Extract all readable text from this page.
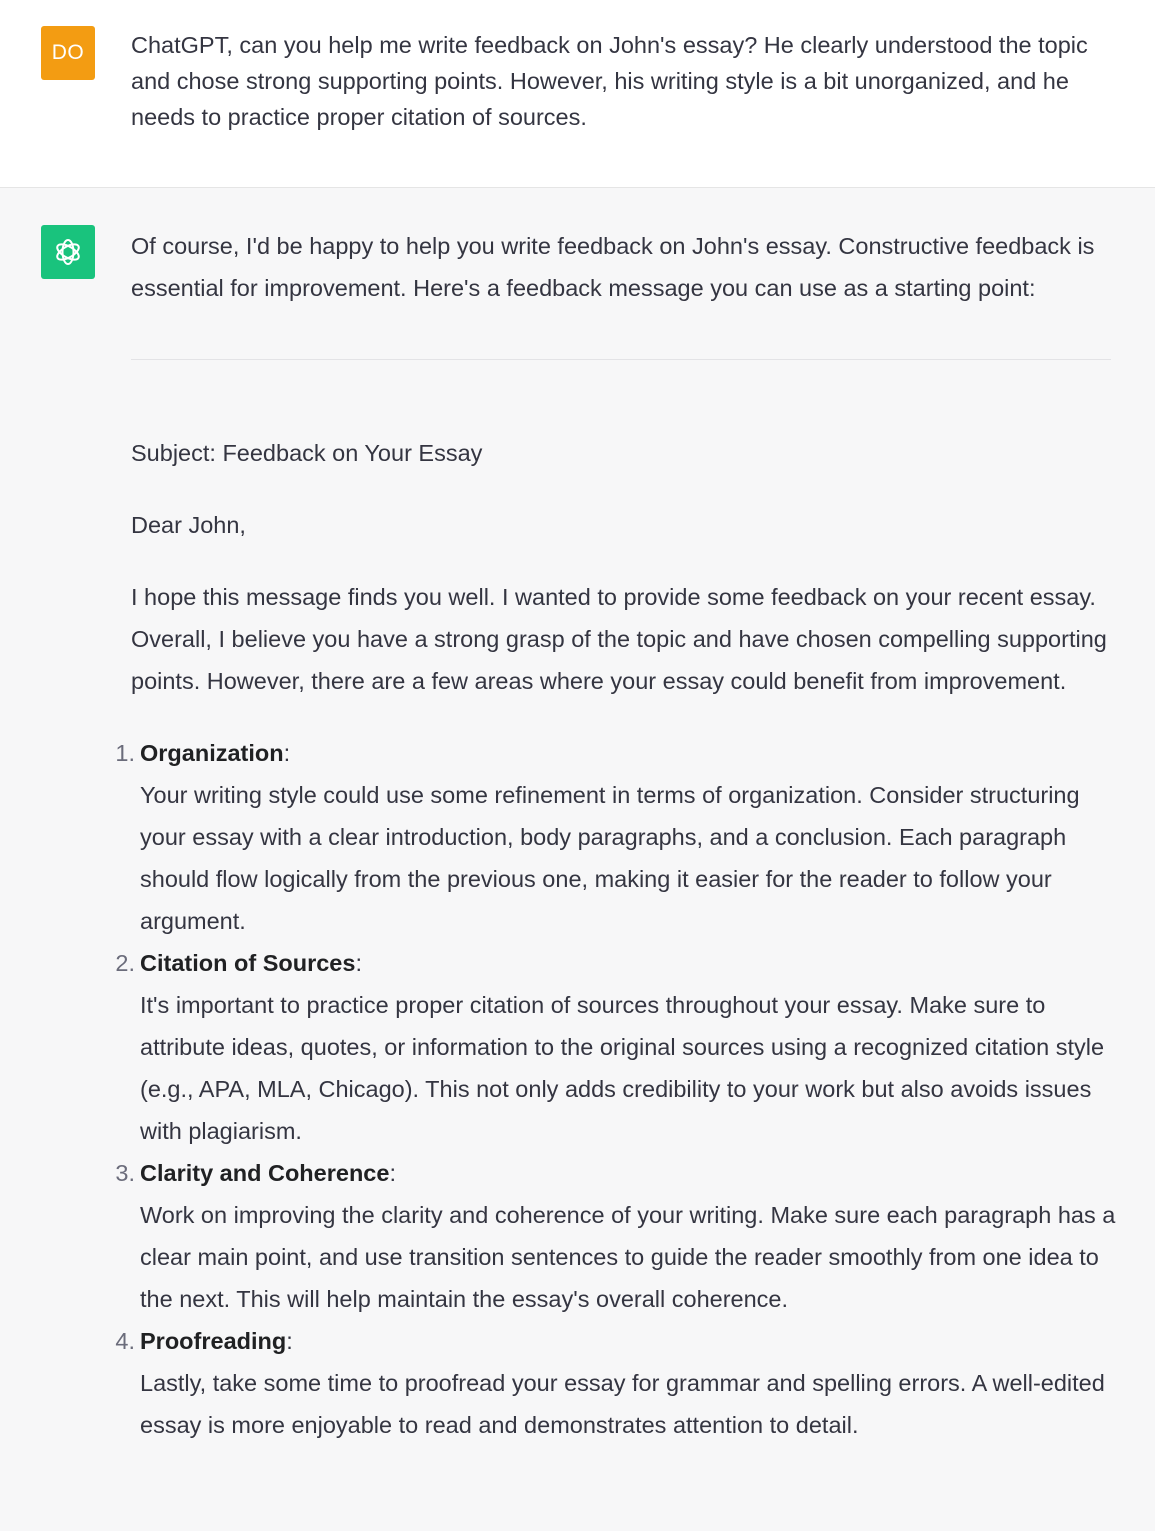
DO	ChatGPT, can you help me write feedback on John's essay? He clearly understood the topic and chose strong supporting points. However, his writing style is a bit unorganized, and he needs to practice proper citation of sources.

Of course, I'd be happy to help you write feedback on John's essay. Constructive feedback is essential for improvement. Here's a feedback message you can use as a starting point:

Subject: Feedback on Your Essay

Dear John,

I hope this message finds you well. I wanted to provide some feedback on your recent essay. Overall, I believe you have a strong grasp of the topic and have chosen compelling supporting points. However, there are a few areas where your essay could benefit from improvement.

1. Organization:
Your writing style could use some refinement in terms of organization. Consider structuring your essay with a clear introduction, body paragraphs, and a conclusion. Each paragraph should flow logically from the previous one, making it easier for the reader to follow your argument.
2. Citation of Sources:
It's important to practice proper citation of sources throughout your essay. Make sure to attribute ideas, quotes, or information to the original sources using a recognized citation style (e.g., APA, MLA, Chicago). This not only adds credibility to your work but also avoids issues with plagiarism.
3. Clarity and Coherence:
Work on improving the clarity and coherence of your writing. Make sure each paragraph has a clear main point, and use transition sentences to guide the reader smoothly from one idea to the next. This will help maintain the essay's overall coherence.
4. Proofreading:
Lastly, take some time to proofread your essay for grammar and spelling errors. A well-edited essay is more enjoyable to read and demonstrates attention to detail.
